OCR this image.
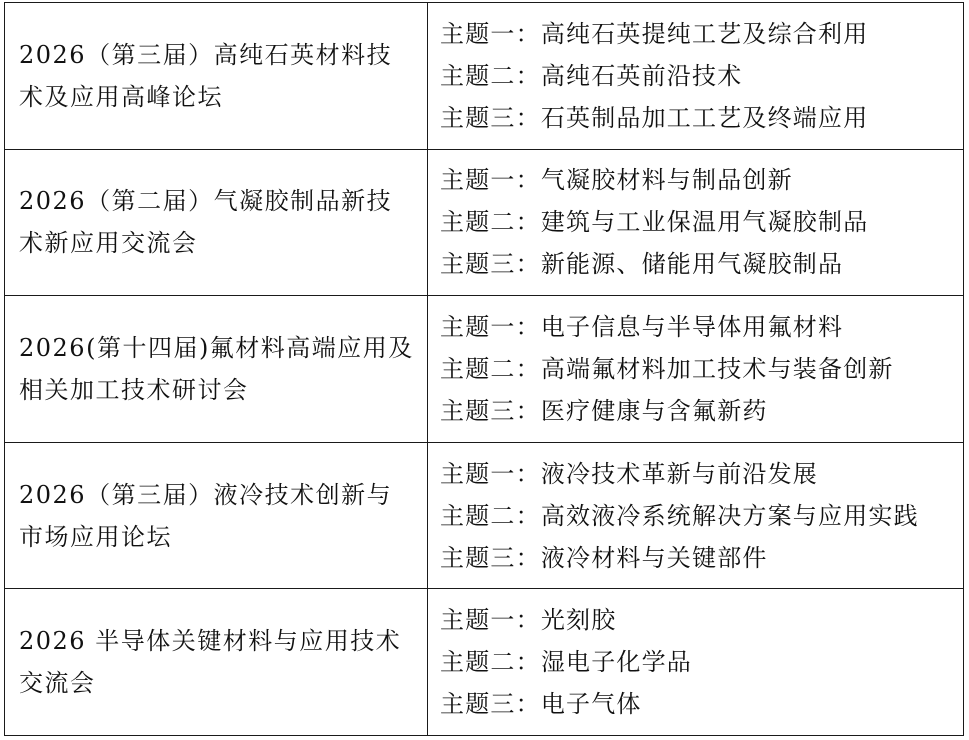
2026（第三届）高纯石英材料技术及应用高峰论坛	主题一：高纯石英提纯工艺及综合利用
主题二：高纯石英前沿技术
主题三：石英制品加工工艺及终端应用

2026（第二届）气凝胶制品新技术新应用交流会	主题一：气凝胶材料与制品创新
主题二：建筑与工业保温用气凝胶制品
主题三：新能源、储能用气凝胶制品

2026(第十四届)氟材料高端应用及相关加工技术研讨会	主题一：电子信息与半导体用氟材料
主题二：高端氟材料加工技术与装备创新
主题三：医疗健康与含氟新药

2026（第三届）液冷技术创新与市场应用论坛	主题一：液冷技术革新与前沿发展
主题二：高效液冷系统解决方案与应用实践
主题三：液冷材料与关键部件

2026 半导体关键材料与应用技术交流会	主题一：光刻胶
主题二：湿电子化学品
主题三：电子气体
